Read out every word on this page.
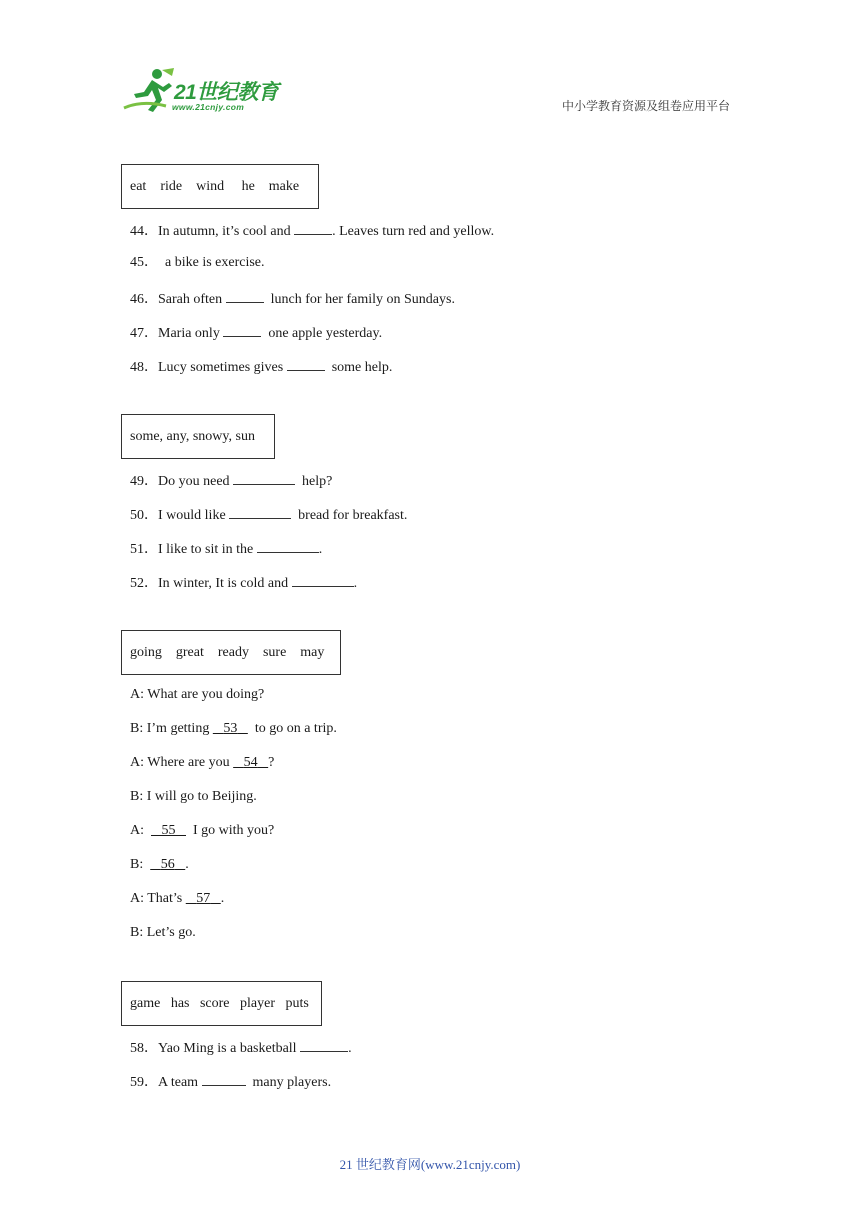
21世纪教育
www.21cnjy.com	中小学教育资源及组卷应用平台
eat    ride    wind     he    make
44．In autumn, it’s cool and	. Leaves turn red and yellow.
45．  a bike is exercise.
46．Sarah often	lunch for her family on Sundays.
47．Maria only	one apple yesterday.
48．Lucy sometimes gives	some help.
some, any, snowy, sun
49．Do you need	help?
50．I would like	bread for breakfast.
51．I like to sit in the	.
52．In winter, It is cold and	.
going    great    ready    sure    may
A: What are you doing?
B: I’m getting    53     to go on a trip.
A: Where are you    54 ?
B: I will go to Beijing.
A:     55     I go with you?
B:     56 .
A: That’s    57 .
B: Let’s go.
game   has   score   player   puts
58．Yao Ming is a basketball	.
59．A team	many players.
21 世纪教育网(www.21cnjy.com)
